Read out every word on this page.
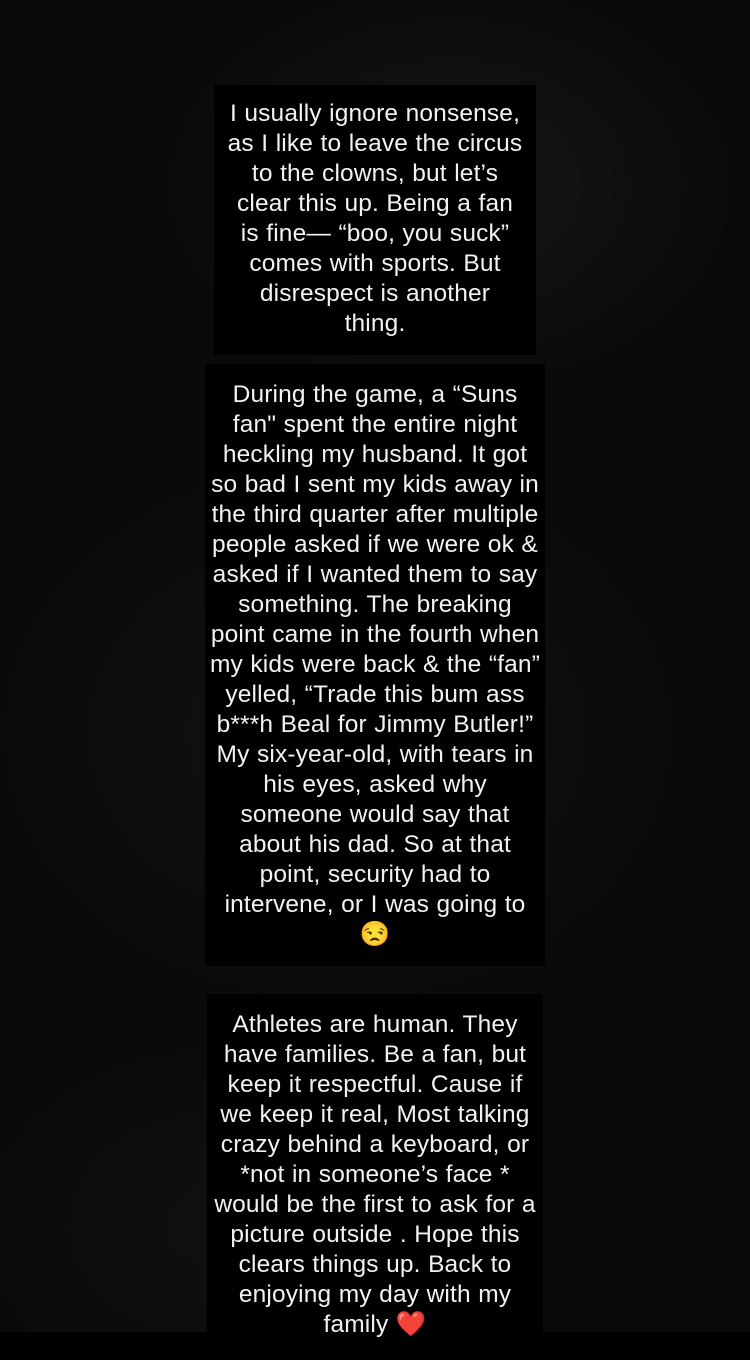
I usually ignore nonsense, as I like to leave the circus to the clowns, but let’s clear this up. Being a fan is fine— “boo, you suck” comes with sports. But disrespect is another thing.
During the game, a “Suns fan" spent the entire night heckling my husband. It got so bad I sent my kids away in the third quarter after multiple people asked if we were ok & asked if I wanted them to say something. The breaking point came in the fourth when my kids were back & the “fan” yelled, “Trade this bum ass b***h Beal for Jimmy Butler!” My six-year-old, with tears in his eyes, asked why someone would say that about his dad. So at that point, security had to intervene, or I was going to 😒
Athletes are human. They have families. Be a fan, but keep it respectful. Cause if we keep it real, Most talking crazy behind a keyboard, or *not in someone’s face * would be the first to ask for a picture outside . Hope this clears things up. Back to enjoying my day with my family ❤️
